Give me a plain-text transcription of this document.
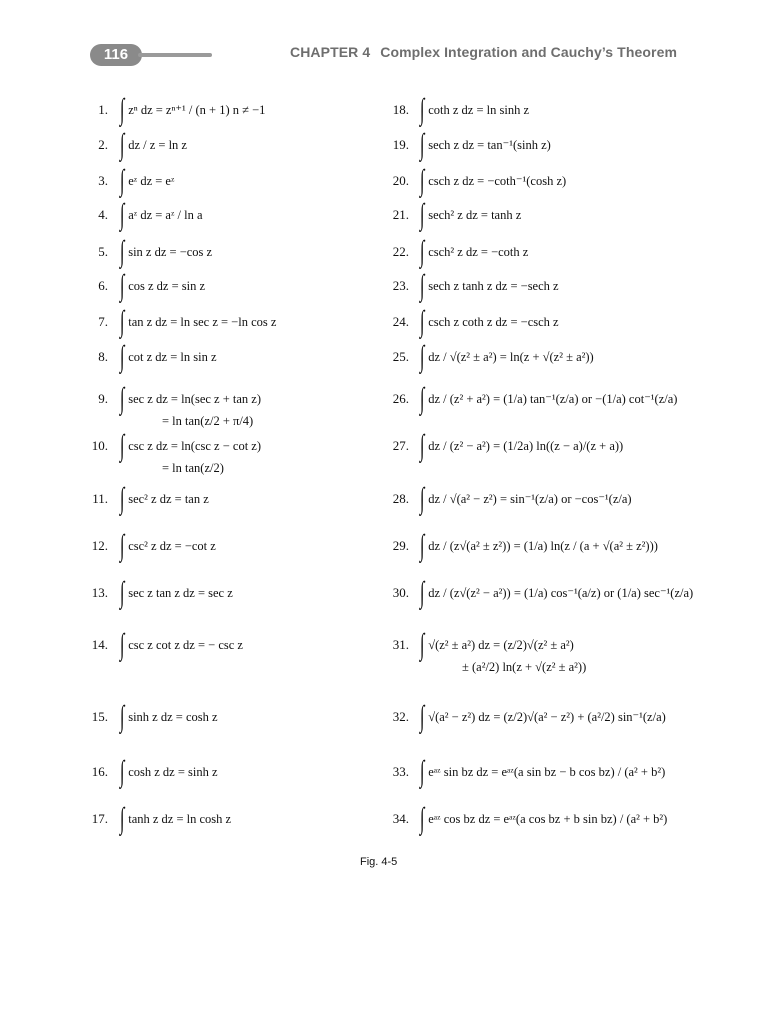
116	CHAPTER 4 Complex Integration and Cauchy’s Theorem
1. ∫ zⁿ dz = zⁿ⁺¹ / (n + 1) n ≠ −1
2. ∫ dz / z = ln z
3. ∫ eᶻ dz = eᶻ
4. ∫ aᶻ dz = aᶻ / ln a
5. ∫ sin z dz = −cos z
6. ∫ cos z dz = sin z
7. ∫ tan z dz = ln sec z = −ln cos z
8. ∫ cot z dz = ln sin z
9. ∫ sec z dz = ln(sec z + tan z)
= ln tan(z/2 + π/4)
10. ∫ csc z dz = ln(csc z − cot z)
= ln tan(z/2)
11. ∫ sec² z dz = tan z
12. ∫ csc² z dz = −cot z
13. ∫ sec z tan z dz = sec z
14. ∫ csc z cot z dz = − csc z
15. ∫ sinh z dz = cosh z
16. ∫ cosh z dz = sinh z
17. ∫ tanh z dz = ln cosh z
18. ∫ coth z dz = ln sinh z
19. ∫ sech z dz = tan⁻¹(sinh z)
20. ∫ csch z dz = −coth⁻¹(cosh z)
21. ∫ sech² z dz = tanh z
22. ∫ csch² z dz = −coth z
23. ∫ sech z tanh z dz = −sech z
24. ∫ csch z coth z dz = −csch z
25. ∫ dz / √(z² ± a²) = ln(z + √(z² ± a²))
26. ∫ dz / (z² + a²) = (1/a) tan⁻¹(z/a) or −(1/a) cot⁻¹(z/a)
27. ∫ dz / (z² − a²) = (1/2a) ln((z − a)/(z + a))
28. ∫ dz / √(a² − z²) = sin⁻¹(z/a) or −cos⁻¹(z/a)
29. ∫ dz / (z√(a² ± z²)) = (1/a) ln(z / (a + √(a² ± z²)))
30. ∫ dz / (z√(z² − a²)) = (1/a) cos⁻¹(a/z) or (1/a) sec⁻¹(z/a)
31. ∫ √(z² ± a²) dz = (z/2)√(z² ± a²)
± (a²/2) ln(z + √(z² ± a²))
32. ∫ √(a² − z²) dz = (z/2)√(a² − z²) + (a²/2) sin⁻¹(z/a)
33. ∫ eᵃᶻ sin bz dz = eᵃᶻ(a sin bz − b cos bz) / (a² + b²)
34. ∫ eᵃᶻ cos bz dz = eᵃᶻ(a cos bz + b sin bz) / (a² + b²)
Fig. 4-5
